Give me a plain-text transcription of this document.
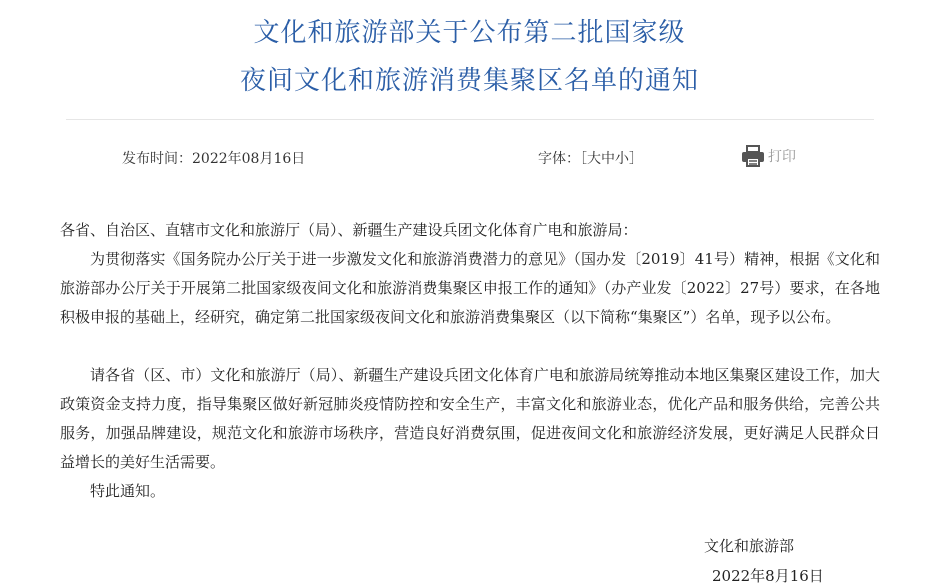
文化和旅游部关于公布第二批国家级
夜间文化和旅游消费集聚区名单的通知
发布时间：2022年08月16日	字体：［大中小］	打印
各省、自治区、直辖市文化和旅游厅（局）、新疆生产建设兵团文化体育广电和旅游局：
为贯彻落实《国务院办公厅关于进一步激发文化和旅游消费潜力的意见》（国办发〔2019〕41号）精神，根据《文化和旅游部办公厅关于开展第二批国家级夜间文化和旅游消费集聚区申报工作的通知》（办产业发〔2022〕27号）要求，在各地积极申报的基础上，经研究，确定第二批国家级夜间文化和旅游消费集聚区（以下简称“集聚区”）名单，现予以公布。
请各省（区、市）文化和旅游厅（局）、新疆生产建设兵团文化体育广电和旅游局统筹推动本地区集聚区建设工作，加大政策资金支持力度，指导集聚区做好新冠肺炎疫情防控和安全生产，丰富文化和旅游业态，优化产品和服务供给，完善公共服务，加强品牌建设，规范文化和旅游市场秩序，营造良好消费氛围，促进夜间文化和旅游经济发展，更好满足人民群众日益增长的美好生活需要。
特此通知。
文化和旅游部
2022年8月16日
